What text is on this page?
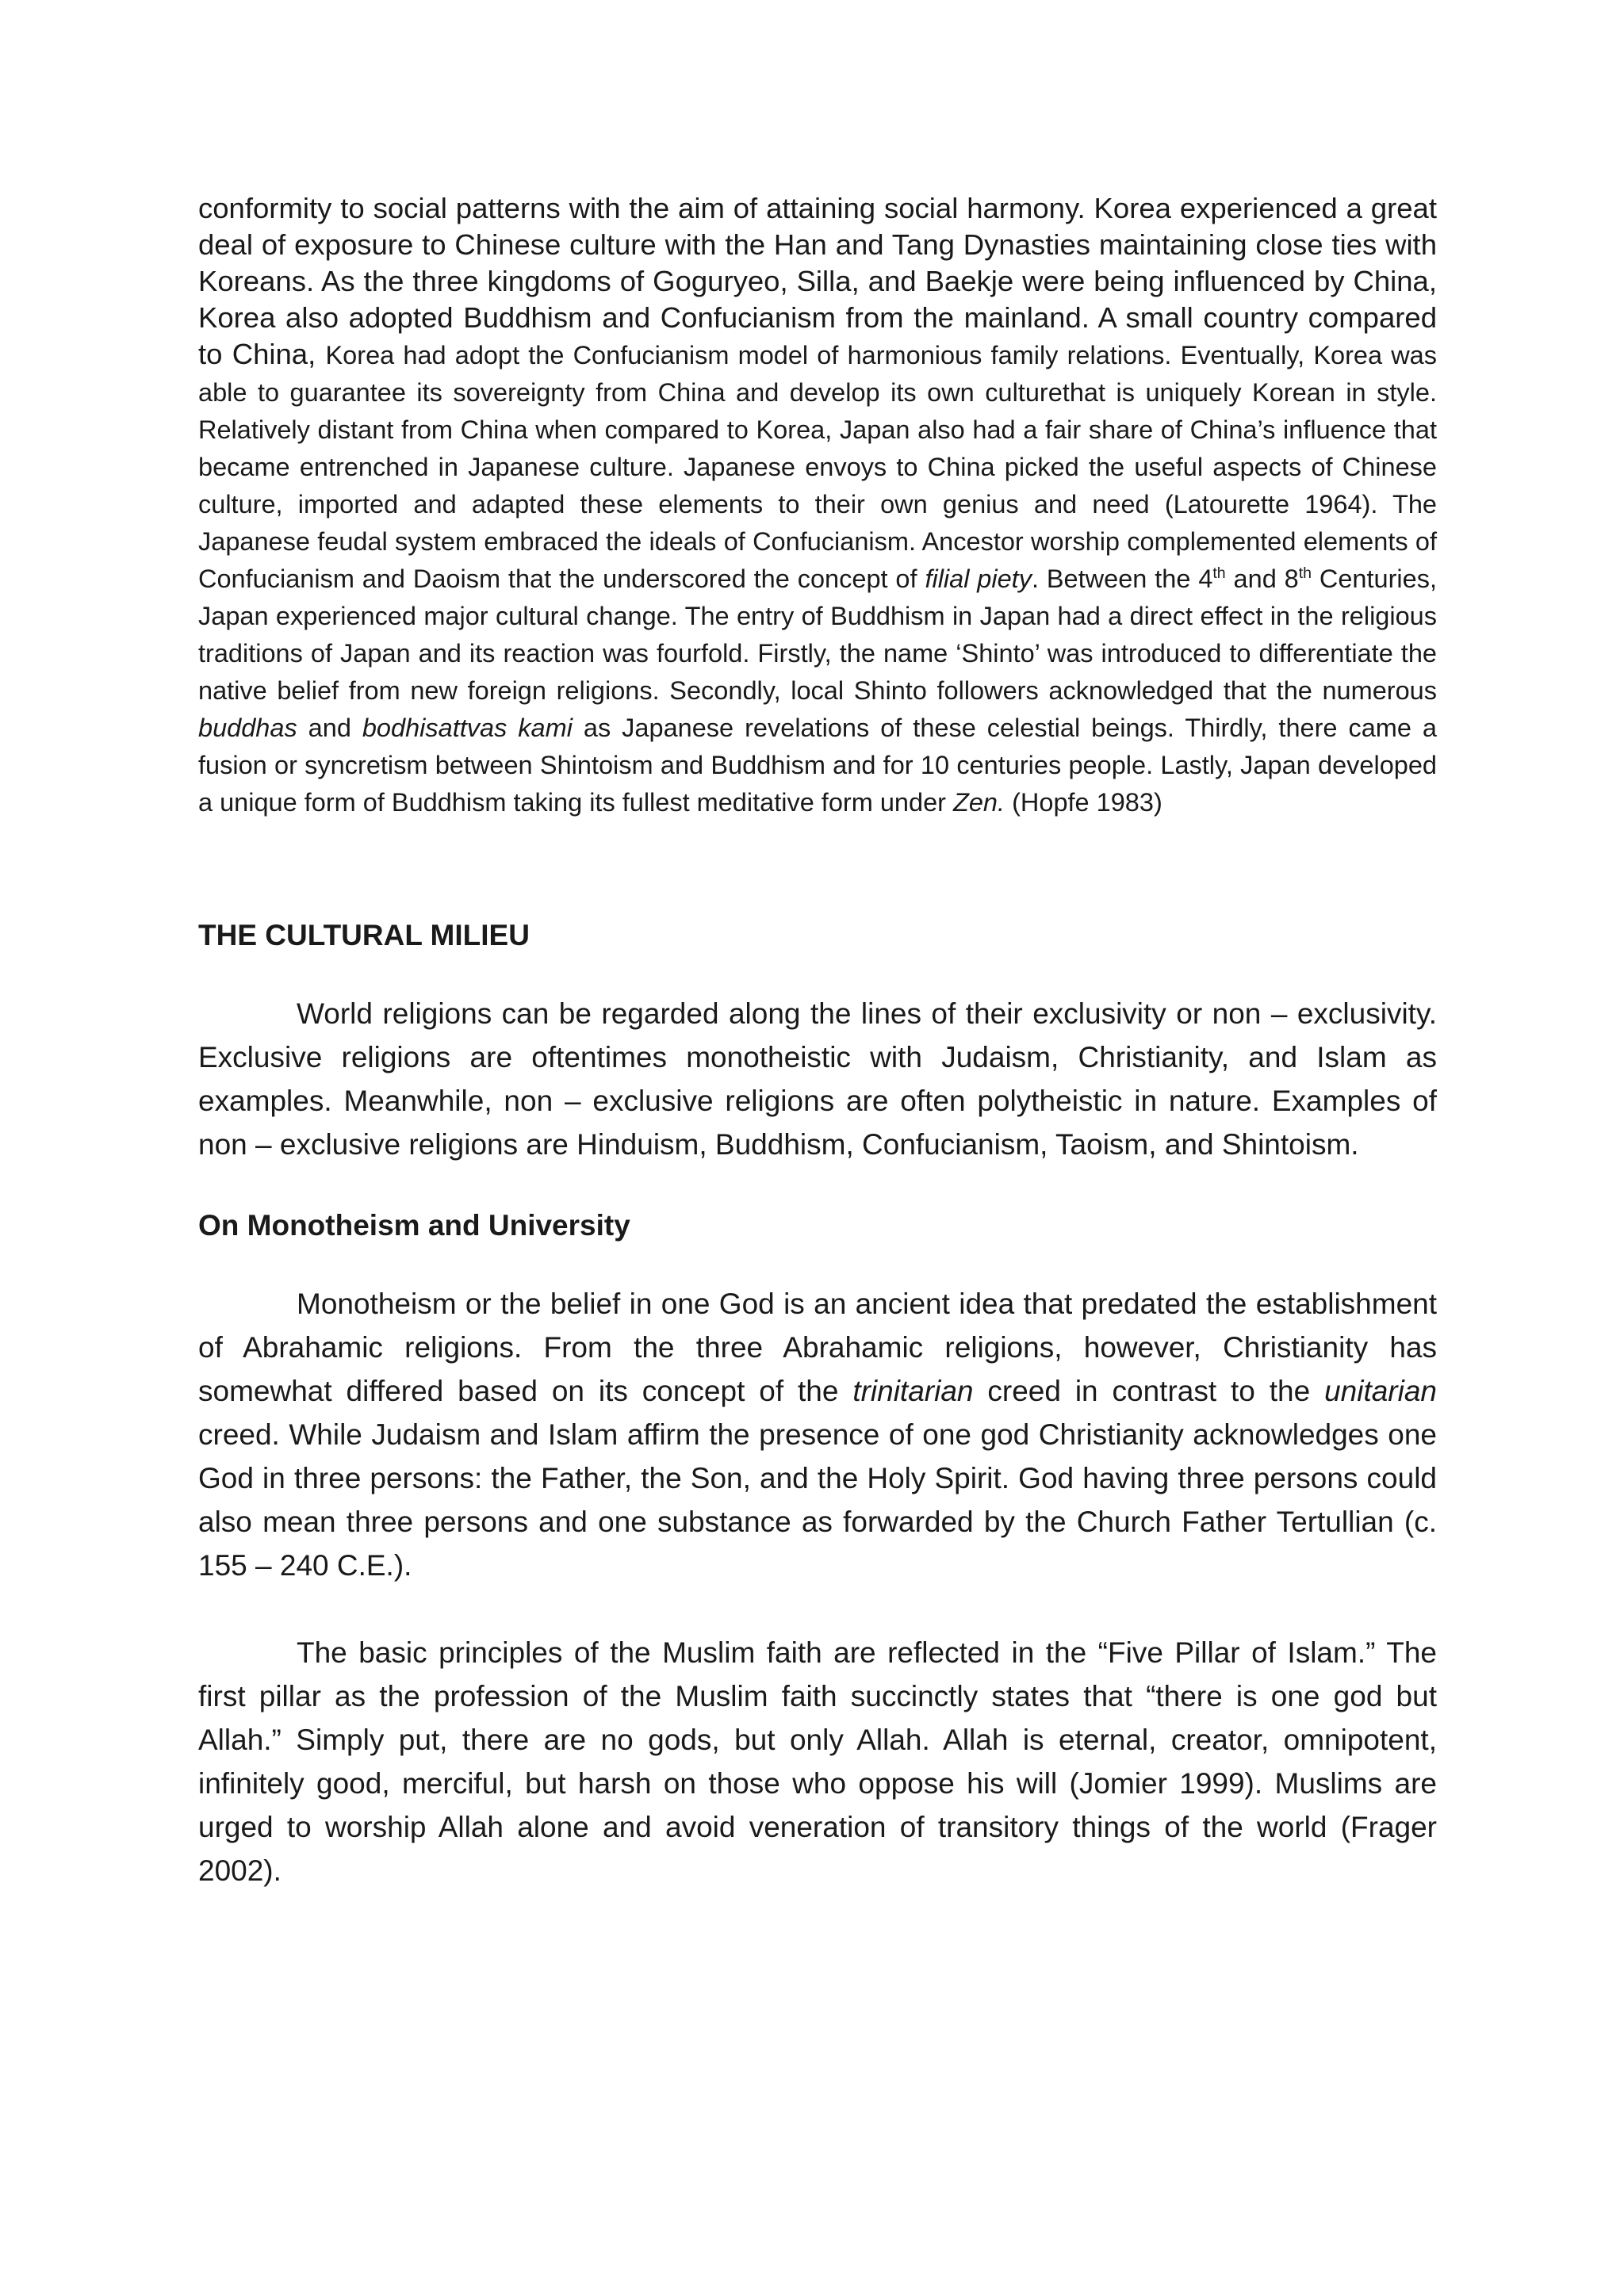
conformity to social patterns with the aim of attaining social harmony. Korea experienced a great deal of exposure to Chinese culture with the Han and Tang Dynasties maintaining close ties with Koreans. As the three kingdoms of Goguryeo, Silla, and Baekje were being influenced by China, Korea also adopted Buddhism and Confucianism from the mainland. A small country compared to China, Korea had adopt the Confucianism model of harmonious family relations. Eventually, Korea was able to guarantee its sovereignty from China and develop its own culturethat is uniquely Korean in style. Relatively distant from China when compared to Korea, Japan also had a fair share of China’s influence that became entrenched in Japanese culture. Japanese envoys to China picked the useful aspects of Chinese culture, imported and adapted these elements to their own genius and need (Latourette 1964). The Japanese feudal system embraced the ideals of Confucianism. Ancestor worship complemented elements of Confucianism and Daoism that the underscored the concept of filial piety. Between the 4th and 8th Centuries, Japan experienced major cultural change. The entry of Buddhism in Japan had a direct effect in the religious traditions of Japan and its reaction was fourfold. Firstly, the name ‘Shinto’ was introduced to differentiate the native belief from new foreign religions. Secondly, local Shinto followers acknowledged that the numerous buddhas and bodhisattvas kami as Japanese revelations of these celestial beings. Thirdly, there came a fusion or syncretism between Shintoism and Buddhism and for 10 centuries people. Lastly, Japan developed a unique form of Buddhism taking its fullest meditative form under Zen. (Hopfe 1983)

THE CULTURAL MILIEU

World religions can be regarded along the lines of their exclusivity or non – exclusivity. Exclusive religions are oftentimes monotheistic with Judaism, Christianity, and Islam as examples. Meanwhile, non – exclusive religions are often polytheistic in nature. Examples of non – exclusive religions are Hinduism, Buddhism, Confucianism, Taoism, and Shintoism.

On Monotheism and University

Monotheism or the belief in one God is an ancient idea that predated the establishment of Abrahamic religions. From the three Abrahamic religions, however, Christianity has somewhat differed based on its concept of the trinitarian creed in contrast to the unitarian creed. While Judaism and Islam affirm the presence of one god Christianity acknowledges one God in three persons: the Father, the Son, and the Holy Spirit. God having three persons could also mean three persons and one substance as forwarded by the Church Father Tertullian (c. 155 – 240 C.E.).

The basic principles of the Muslim faith are reflected in the “Five Pillar of Islam.” The first pillar as the profession of the Muslim faith succinctly states that “there is one god but Allah.” Simply put, there are no gods, but only Allah. Allah is eternal, creator, omnipotent, infinitely good, merciful, but harsh on those who oppose his will (Jomier 1999). Muslims are urged to worship Allah alone and avoid veneration of transitory things of the world (Frager 2002).
